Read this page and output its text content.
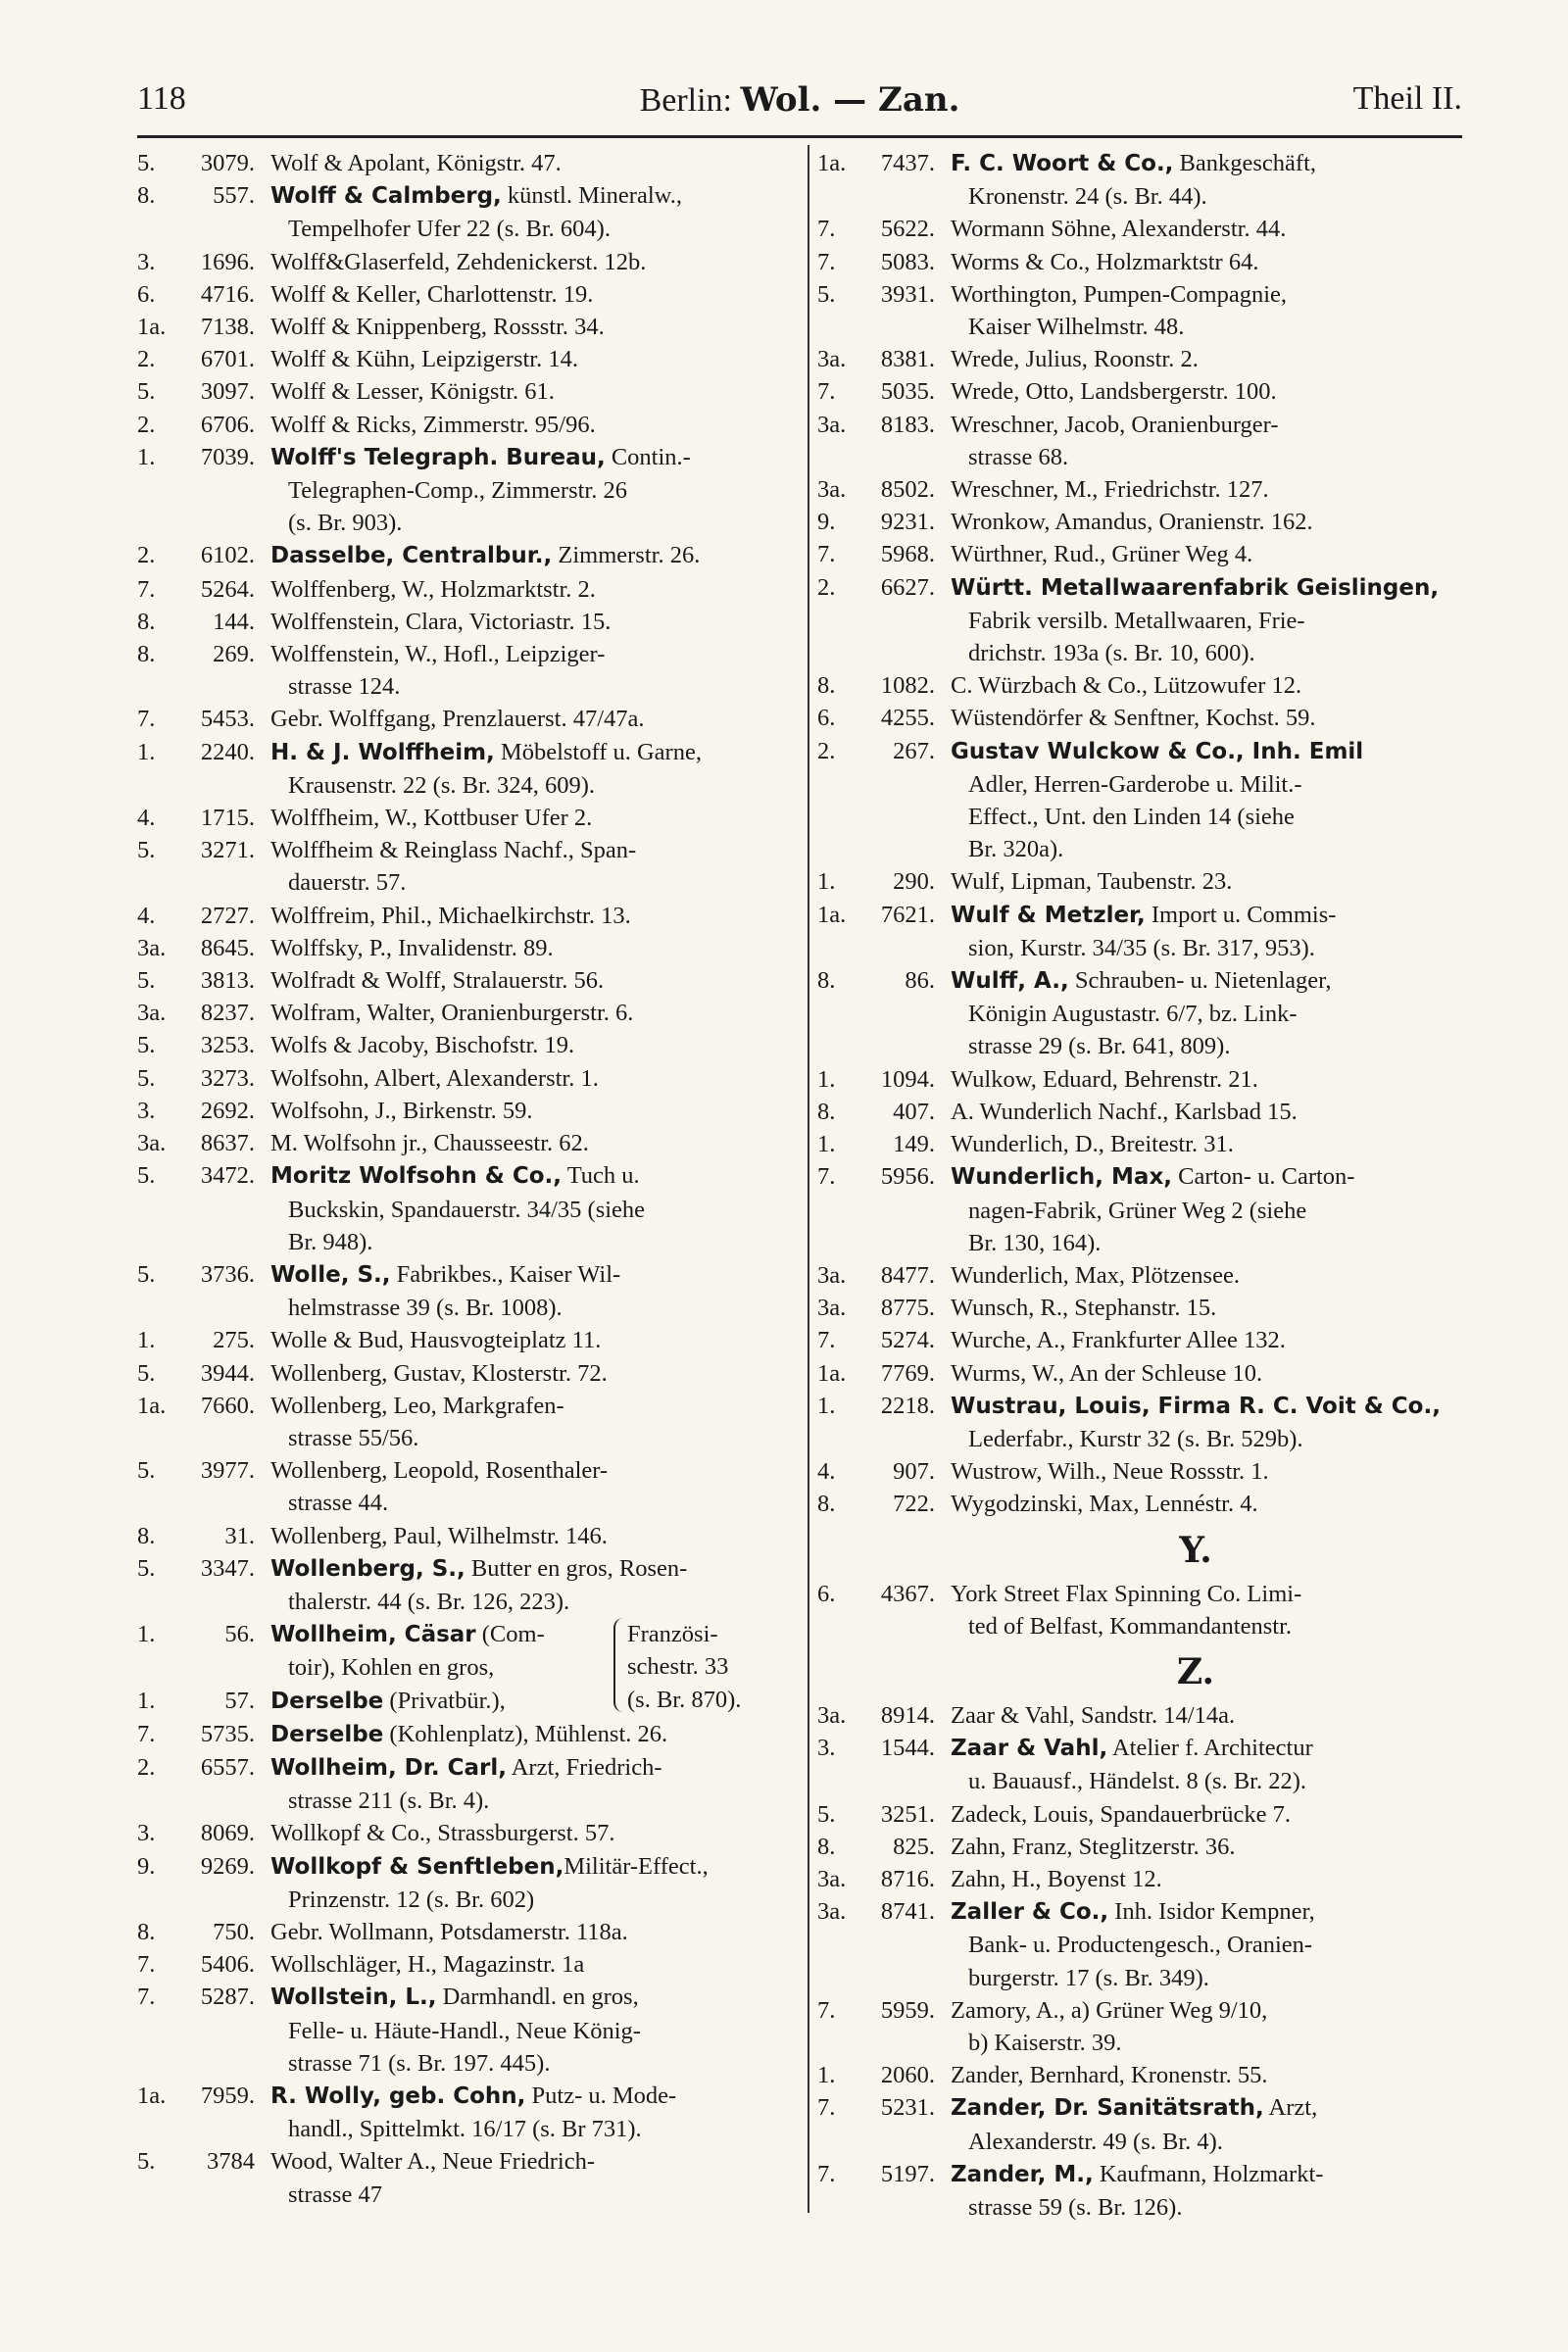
118	Berlin: Wol. — Zan.	Theil II.
5.	3079. Wolf & Apolant, Königstr. 47.
8.	557. Wolff & Calmberg, künstl. Mineralw.,
Tempelhofer Ufer 22 (s. Br. 604).
3.	1696. Wolff&Glaserfeld, Zehdenickerst. 12b.
6.	4716. Wolff & Keller, Charlottenstr. 19.
1a.	7138. Wolff & Knippenberg, Rossstr. 34.
2.	6701. Wolff & Kühn, Leipzigerstr. 14.
5.	3097. Wolff & Lesser, Königstr. 61.
2.	6706. Wolff & Ricks, Zimmerstr. 95/96.
1.	7039. Wolff's Telegraph. Bureau, Contin.-
Telegraphen-Comp., Zimmerstr. 26
(s. Br. 903).
2.	6102. Dasselbe, Centralbur., Zimmerstr. 26.
7.	5264. Wolffenberg, W., Holzmarktstr. 2.
8.	144. Wolffenstein, Clara, Victoriastr. 15.
8.	269. Wolffenstein, W., Hofl., Leipziger-
strasse 124.
7.	5453. Gebr. Wolffgang, Prenzlauerst. 47/47a.
1.	2240. H. & J. Wolffheim, Möbelstoff u. Garne,
Krausenstr. 22 (s. Br. 324, 609).
4.	1715. Wolffheim, W., Kottbuser Ufer 2.
5.	3271. Wolffheim & Reinglass Nachf., Span-
dauerstr. 57.
4.	2727. Wolffreim, Phil., Michaelkirchstr. 13.
3a.	8645. Wolffsky, P., Invalidenstr. 89.
5.	3813. Wolfradt & Wolff, Stralauerstr. 56.
3a.	8237. Wolfram, Walter, Oranienburgerstr. 6.
5.	3253. Wolfs & Jacoby, Bischofstr. 19.
5.	3273. Wolfsohn, Albert, Alexanderstr. 1.
3.	2692. Wolfsohn, J., Birkenstr. 59.
3a.	8637. M. Wolfsohn jr., Chausseestr. 62.
5.	3472. Moritz Wolfsohn & Co., Tuch u.
Buckskin, Spandauerstr. 34/35 (siehe
Br. 948).
5.	3736. Wolle, S., Fabrikbes., Kaiser Wil-
helmstrasse 39 (s. Br. 1008).
1.	275. Wolle & Bud, Hausvogteiplatz 11.
5.	3944. Wollenberg, Gustav, Klosterstr. 72.
1a.	7660. Wollenberg, Leo, Markgrafen-
strasse 55/56.
5.	3977. Wollenberg, Leopold, Rosenthaler-
strasse 44.
8.	31. Wollenberg, Paul, Wilhelmstr. 146.
5.	3347. Wollenberg, S., Butter en gros, Rosen-
thalerstr. 44 (s. Br. 126, 223).
1.	56. Wollheim, Cäsar (Com-
toir), Kohlen en gros,
Französi-
schestr. 33
(s. Br. 870).
1.	57. Derselbe (Privatbür.),
7.	5735. Derselbe (Kohlenplatz), Mühlenst. 26.
2.	6557. Wollheim, Dr. Carl, Arzt, Friedrich-
strasse 211 (s. Br. 4).
3.	8069. Wollkopf & Co., Strassburgerst. 57.
9.	9269. Wollkopf & Senftleben,Militär-Effect.,
Prinzenstr. 12 (s. Br. 602)
8.	750. Gebr. Wollmann, Potsdamerstr. 118a.
7.	5406. Wollschläger, H., Magazinstr. 1a
7.	5287. Wollstein, L., Darmhandl. en gros,
Felle- u. Häute-Handl., Neue König-
strasse 71 (s. Br. 197. 445).
1a.	7959. R. Wolly, geb. Cohn, Putz- u. Mode-
handl., Spittelmkt. 16/17 (s. Br 731).
5.	3784 Wood, Walter A., Neue Friedrich-
strasse 47
1a.	7437. F. C. Woort & Co., Bankgeschäft,
Kronenstr. 24 (s. Br. 44).
7.	5622. Wormann Söhne, Alexanderstr. 44.
7.	5083. Worms & Co., Holzmarktstr 64.
5.	3931. Worthington, Pumpen-Compagnie,
Kaiser Wilhelmstr. 48.
3a.	8381. Wrede, Julius, Roonstr. 2.
7.	5035. Wrede, Otto, Landsbergerstr. 100.
3a.	8183. Wreschner, Jacob, Oranienburger-
strasse 68.
3a.	8502. Wreschner, M., Friedrichstr. 127.
9.	9231. Wronkow, Amandus, Oranienstr. 162.
7.	5968. Würthner, Rud., Grüner Weg 4.
2.	6627. Württ. Metallwaarenfabrik Geislingen,
Fabrik versilb. Metallwaaren, Frie-
drichstr. 193a (s. Br. 10, 600).
8.	1082. C. Würzbach & Co., Lützowufer 12.
6.	4255. Wüstendörfer & Senftner, Kochst. 59.
2.	267. Gustav Wulckow & Co., Inh. Emil
Adler, Herren-Garderobe u. Milit.-
Effect., Unt. den Linden 14 (siehe
Br. 320a).
1.	290. Wulf, Lipman, Taubenstr. 23.
1a.	7621. Wulf & Metzler, Import u. Commis-
sion, Kurstr. 34/35 (s. Br. 317, 953).
8.	86. Wulff, A., Schrauben- u. Nietenlager,
Königin Augustastr. 6/7, bz. Link-
strasse 29 (s. Br. 641, 809).
1.	1094. Wulkow, Eduard, Behrenstr. 21.
8.	407. A. Wunderlich Nachf., Karlsbad 15.
1.	149. Wunderlich, D., Breitestr. 31.
7.	5956. Wunderlich, Max, Carton- u. Carton-
nagen-Fabrik, Grüner Weg 2 (siehe
Br. 130, 164).
3a.	8477. Wunderlich, Max, Plötzensee.
3a.	8775. Wunsch, R., Stephanstr. 15.
7.	5274. Wurche, A., Frankfurter Allee 132.
1a.	7769. Wurms, W., An der Schleuse 10.
1.	2218. Wustrau, Louis, Firma R. C. Voit & Co.,
Lederfabr., Kurstr 32 (s. Br. 529b).
4.	907. Wustrow, Wilh., Neue Rossstr. 1.
8.	722. Wygodzinski, Max, Lennéstr. 4.
Y.
6.	4367. York Street Flax Spinning Co. Limi-
ted of Belfast, Kommandantenstr.
Z.
3a.	8914. Zaar & Vahl, Sandstr. 14/14a.
3.	1544. Zaar & Vahl, Atelier f. Architectur
u. Bauausf., Händelst. 8 (s. Br. 22).
5.	3251. Zadeck, Louis, Spandauerbrücke 7.
8.	825. Zahn, Franz, Steglitzerstr. 36.
3a.	8716. Zahn, H., Boyenst 12.
3a.	8741. Zaller & Co., Inh. Isidor Kempner,
Bank- u. Productengesch., Oranien-
burgerstr. 17 (s. Br. 349).
7.	5959. Zamory, A., a) Grüner Weg 9/10,
b) Kaiserstr. 39.
1.	2060. Zander, Bernhard, Kronenstr. 55.
7.	5231. Zander, Dr. Sanitätsrath, Arzt,
Alexanderstr. 49 (s. Br. 4).
7.	5197. Zander, M., Kaufmann, Holzmarkt-
strasse 59 (s. Br. 126).
